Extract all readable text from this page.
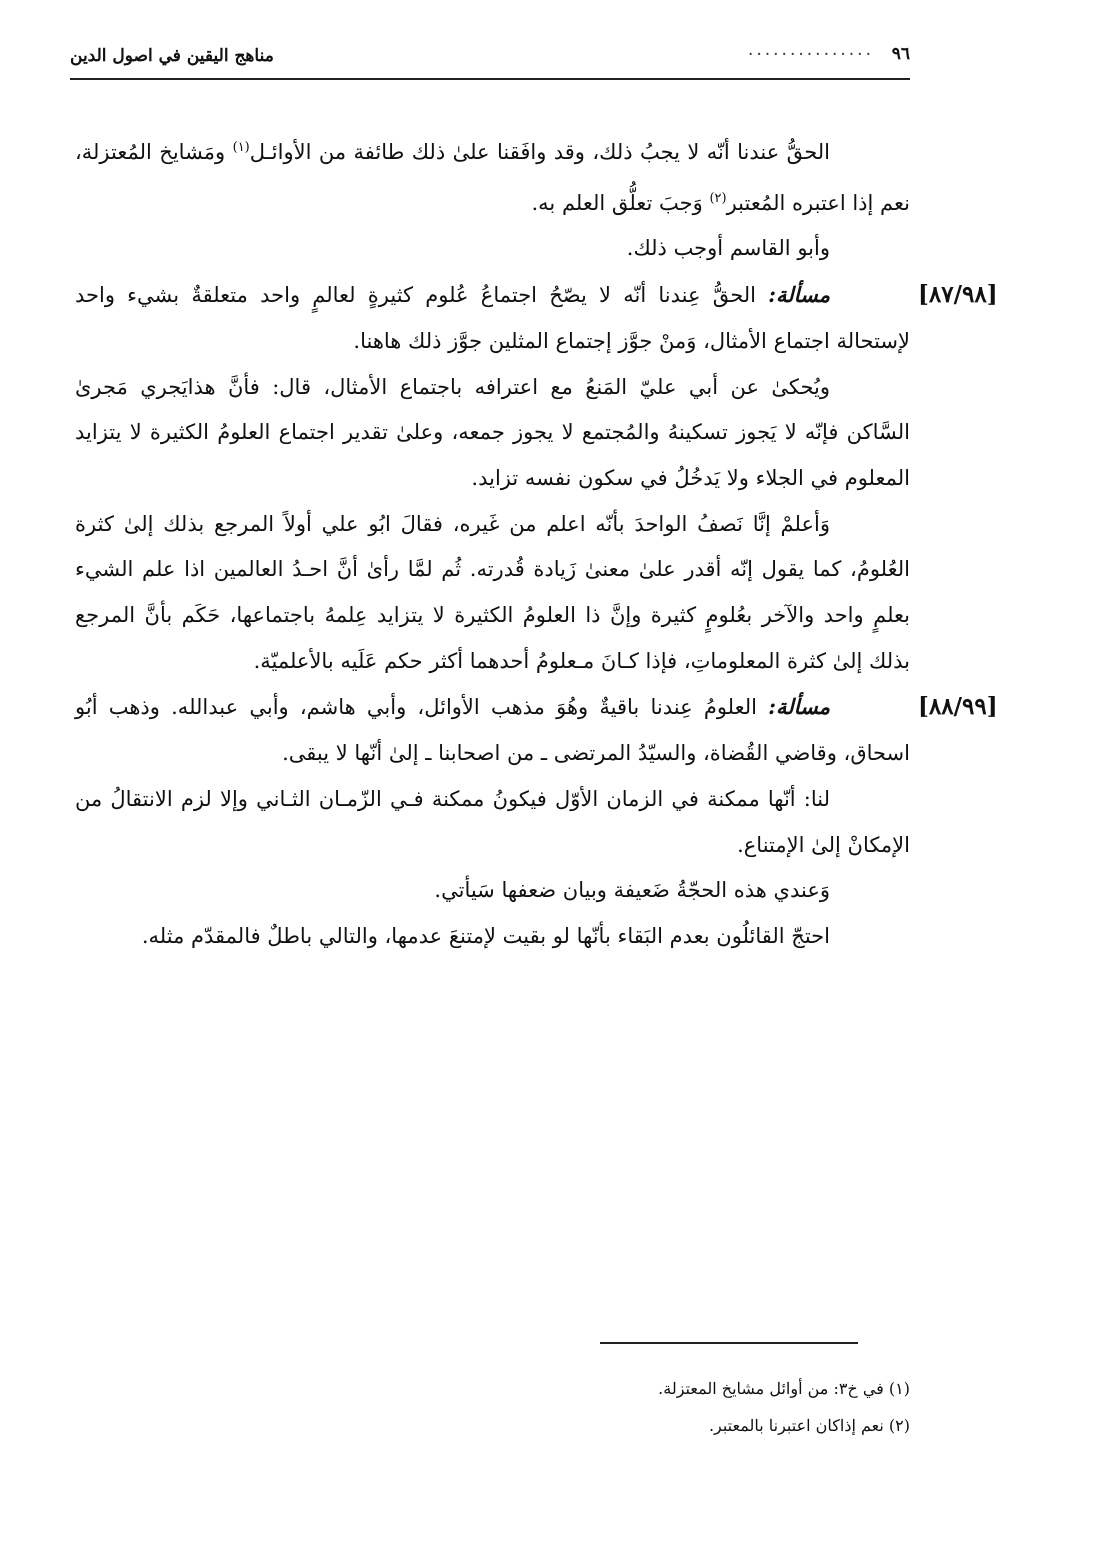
٩٦
...............
مناهج اليقين في اصول الدين

الحقُّ عندنا أنّه لا يجبُ ذلك، وقد وافَقنا علىٰ ذلك طائفة من الأوائـل$^{(١)}$ ومَشايخ المُعتزلة، نعم إذا اعتبره المُعتبر$^{(٢)}$ وَجبَ تعلُّق العلم به.

وأبو القاسم أوجب ذلك.

[٨٧/٩٨]

مسألة: الحقُّ عِندنا أنّه لا يصّحُ اجتماعُ عُلوم كثيرةٍ لعالمٍ واحد متعلقةٌ بشيء واحد لإستحالة اجتماع الأمثال، وَمنْ جوَّز إجتماع المثلين جوَّز ذلك هاهنا.

ويُحكىٰ عن أبي عليّ المَنعُ مع اعترافه باجتماع الأمثال، قال: فأنَّ هذايَجري مَجرىٰ السَّاكن فإنّه لا يَجوز تسكينهُ والمُجتمع لا يجوز جمعه، وعلىٰ تقدير اجتماع العلومُ الكثيرة لا يتزايد المعلوم في الجلاء ولا يَدخُلُ في سكون نفسه تزايد.

وَأعلمْ إنَّا نَصفُ الواحدَ بأنّه اعلم من غَيره، فقالَ ابُو علي أولاً المرجع بذلك إلىٰ كثرة العُلومُ، كما يقول إنّه أقدر علىٰ معنىٰ زَيادة قُدرته. ثُم لمَّا رأىٰ أنَّ احـدُ العالمين اذا علم الشيء بعلمٍ واحد والآخر بعُلومٍ كثيرة وإنَّ ذا العلومُ الكثيرة لا يتزايد عِلمهُ باجتماعها، حَكَم بأنَّ المرجع بذلك إلىٰ كثرة المعلوماتِ، فإذا كـانَ مـعلومُ أحدهما أكثر حكم عَلَيه بالأعلميّة.

[٨٨/٩٩]

مسألة: العلومُ عِندنا باقيةٌ وهُوَ مذهب الأوائل، وأبي هاشم، وأبي عبدالله. وذهب أبُو اسحاق، وقاضي القُضاة، والسيّدُ المرتضى ـ من اصحابنا ـ إلىٰ أنّها لا يبقى.

لنا: أنّها ممكنة في الزمان الأوّل فيكونُ ممكنة فـي الزّمـان الثـاني وإلا لزم الانتقالُ من الإمكانْ إلىٰ الإمتناع.

وَعندي هذه الحجّةُ ضَعيفة وبيان ضعفها سَيأتي.

احتجّ القائلُون بعدم البَقاء بأنّها لو بقيت لإمتنعَ عدمها، والتالي باطلٌ فالمقدّم مثله.

(١) في خ٣: من أوائل مشايخ المعتزلة.

(٢) نعم إذاكان اعتبرنا بالمعتبر.
